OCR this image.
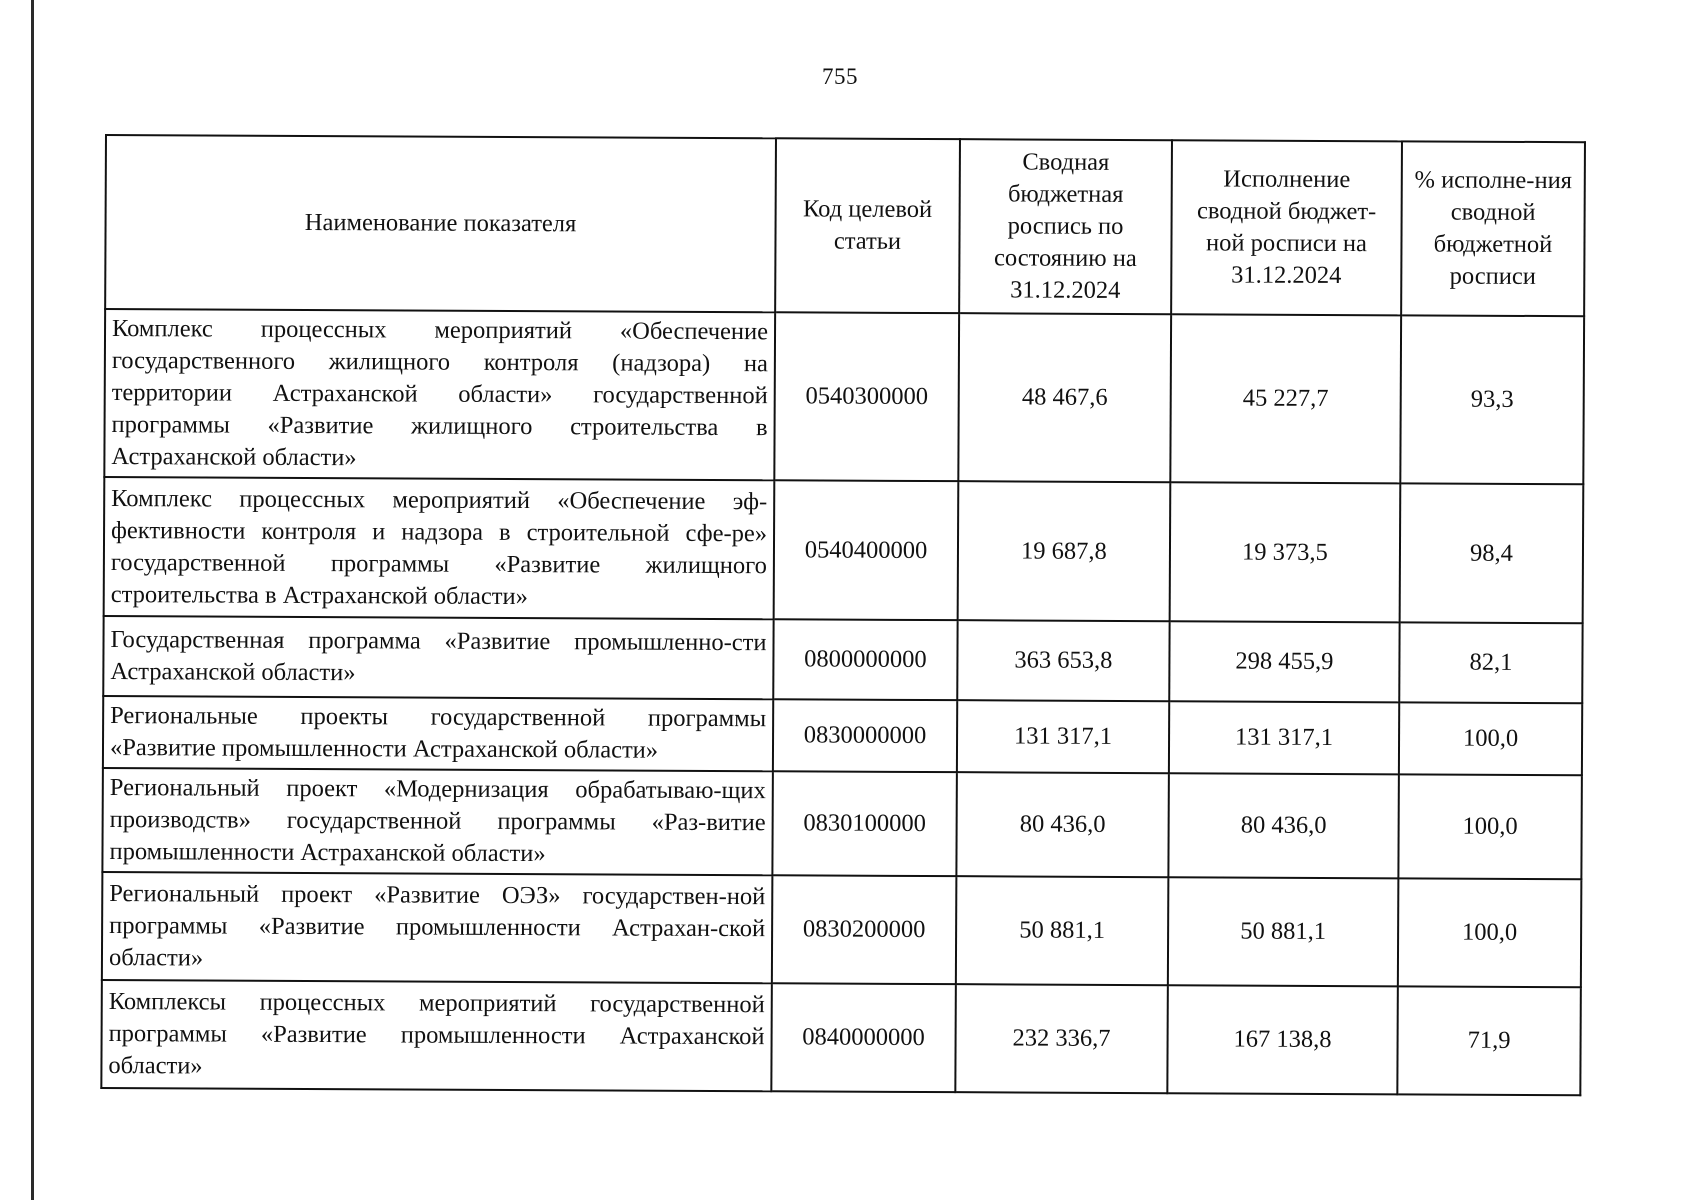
755
Наименование показателя	Код целевой статьи	Сводная бюджетная роспись по состоянию на 31.12.2024	Исполнение сводной бюджет-ной росписи на 31.12.2024	% исполне-ния сводной бюджетной росписи
Комплекс процессных мероприятий «Обеспечение государственного жилищного контроля (надзора) на территории Астраханской области» государственной программы «Развитие жилищного строительства в Астраханской области»	0540300000	48 467,6	45 227,7	93,3
Комплекс процессных мероприятий «Обеспечение эф-фективности контроля и надзора в строительной сфе-ре» государственной программы «Развитие жилищного строительства в Астраханской области»	0540400000	19 687,8	19 373,5	98,4
Государственная программа «Развитие промышленно-сти Астраханской области»	0800000000	363 653,8	298 455,9	82,1
Региональные проекты государственной программы «Развитие промышленности Астраханской области»	0830000000	131 317,1	131 317,1	100,0
Региональный проект «Модернизация обрабатываю-щих производств» государственной программы «Раз-витие промышленности Астраханской области»	0830100000	80 436,0	80 436,0	100,0
Региональный проект «Развитие ОЭЗ» государствен-ной программы «Развитие промышленности Астрахан-ской области»	0830200000	50 881,1	50 881,1	100,0
Комплексы процессных мероприятий государственной программы «Развитие промышленности Астраханской области»	0840000000	232 336,7	167 138,8	71,9
